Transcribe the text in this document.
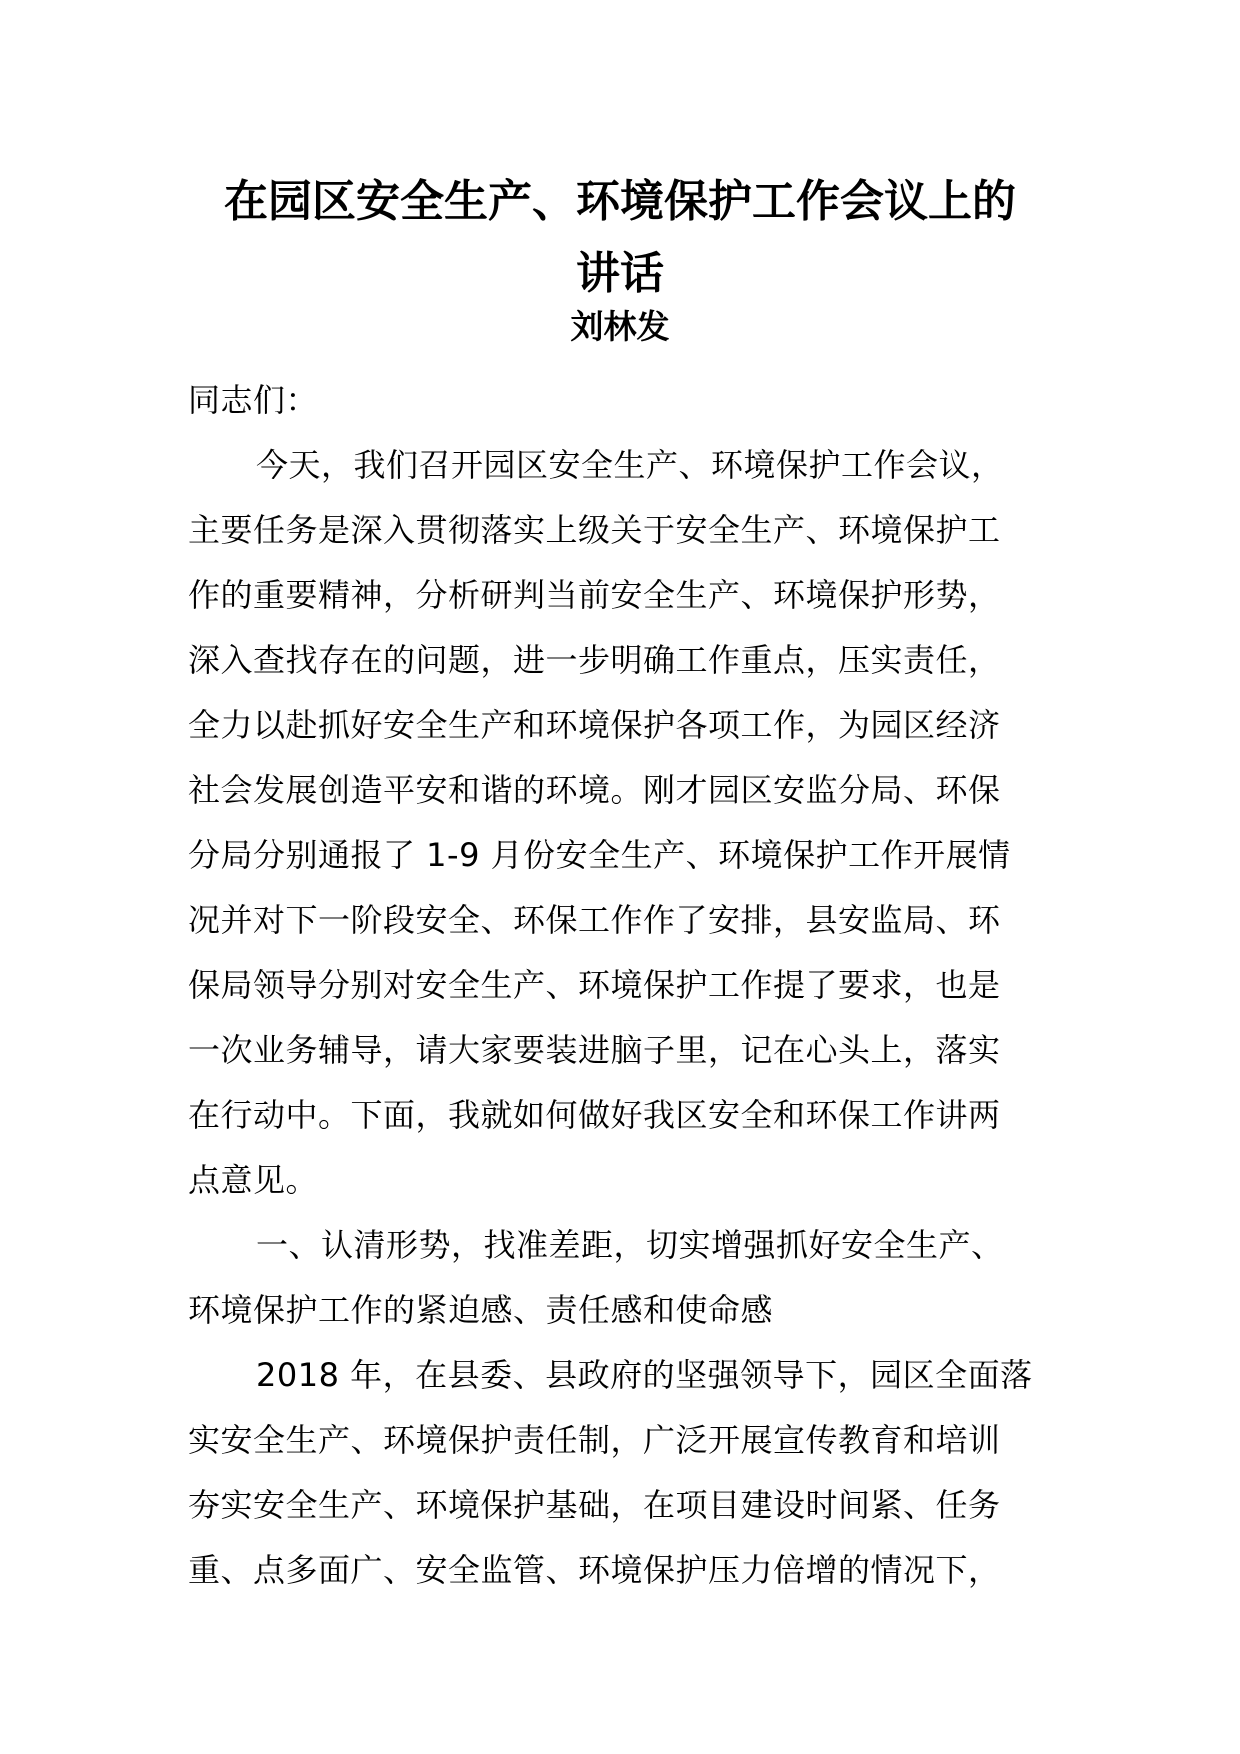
在园区安全生产、环境保护工作会议上的
讲话
刘林发
同志们：
今天，我们召开园区安全生产、环境保护工作会议，
主要任务是深入贯彻落实上级关于安全生产、环境保护工
作的重要精神，分析研判当前安全生产、环境保护形势，
深入查找存在的问题，进一步明确工作重点，压实责任，
全力以赴抓好安全生产和环境保护各项工作，为园区经济
社会发展创造平安和谐的环境。刚才园区安监分局、环保
分局分别通报了 1-9 月份安全生产、环境保护工作开展情
况并对下一阶段安全、环保工作作了安排，县安监局、环
保局领导分别对安全生产、环境保护工作提了要求，也是
一次业务辅导，请大家要装进脑子里，记在心头上，落实
在行动中。下面，我就如何做好我区安全和环保工作讲两
点意见。
一、认清形势，找准差距，切实增强抓好安全生产、
环境保护工作的紧迫感、责任感和使命感
2018 年，在县委、县政府的坚强领导下，园区全面落
实安全生产、环境保护责任制，广泛开展宣传教育和培训
夯实安全生产、环境保护基础，在项目建设时间紧、任务
重、点多面广、安全监管、环境保护压力倍增的情况下，
